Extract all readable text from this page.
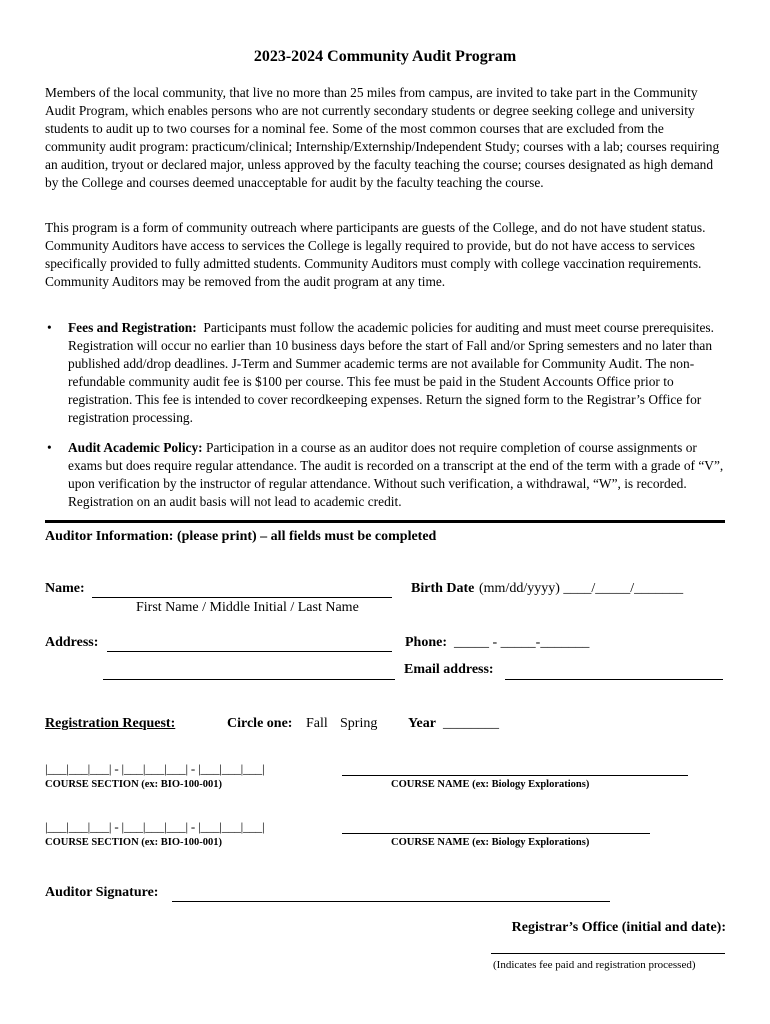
2023-2024 Community Audit Program

Members of the local community, that live no more than 25 miles from campus, are invited to take part in the Community Audit Program, which enables persons who are not currently secondary students or degree seeking college and university students to audit up to two courses for a nominal fee. Some of the most common courses that are excluded from the community audit program: practicum/clinical; Internship/Externship/Independent Study; courses with a lab; courses requiring an audition, tryout or declared major, unless approved by the faculty teaching the course; courses designated as high demand by the College and courses deemed unacceptable for audit by the faculty teaching the course.

This program is a form of community outreach where participants are guests of the College, and do not have student status. Community Auditors have access to services the College is legally required to provide, but do not have access to services specifically provided to fully admitted students. Community Auditors must comply with college vaccination requirements. Community Auditors may be removed from the audit program at any time.

• Fees and Registration: Participants must follow the academic policies for auditing and must meet course prerequisites. Registration will occur no earlier than 10 business days before the start of Fall and/or Spring semesters and no later than published add/drop deadlines. J-Term and Summer academic terms are not available for Community Audit. The non-refundable community audit fee is $100 per course. This fee must be paid in the Student Accounts Office prior to registration. This fee is intended to cover recordkeeping expenses. Return the signed form to the Registrar’s Office for registration processing.
• Audit Academic Policy: Participation in a course as an auditor does not require completion of course assignments or exams but does require regular attendance. The audit is recorded on a transcript at the end of the term with a grade of “V”, upon verification by the instructor of regular attendance. Without such verification, a withdrawal, “W”, is recorded. Registration on an audit basis will not lead to academic credit.
Auditor Information: (please print) – all fields must be completed
Name:
First Name / Middle Initial / Last Name
Birth Date (mm/dd/yyyy) ____/_____/_______
Address:	Phone: _____ - _____-_______
Email address:
Registration Request:	Circle one: Fall Spring Year ________
|___|___|___| - |___|___|___| - |___|___|___|
COURSE SECTION (ex: BIO-100-001)	COURSE NAME (ex: Biology Explorations)
|___|___|___| - |___|___|___| - |___|___|___|
COURSE SECTION (ex: BIO-100-001)	COURSE NAME (ex: Biology Explorations)
Auditor Signature:
Registrar’s Office (initial and date):
(Indicates fee paid and registration processed)
